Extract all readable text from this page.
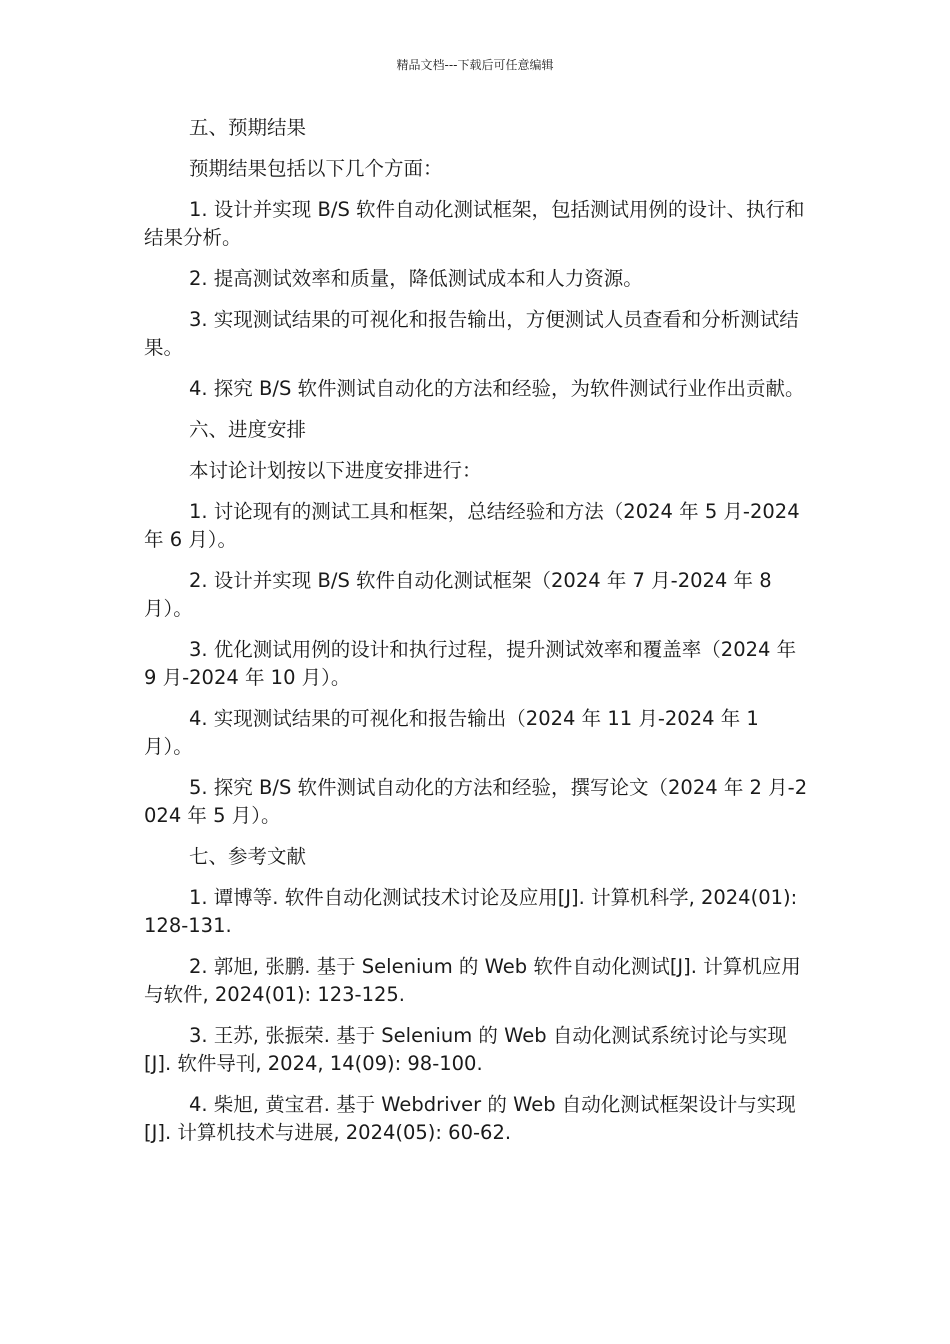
精品文档---下载后可任意编辑

五、预期结果

预期结果包括以下几个方面：

1. 设计并实现 B/S 软件自动化测试框架，包括测试用例的设计、执行和结果分析。

2. 提高测试效率和质量，降低测试成本和人力资源。

3. 实现测试结果的可视化和报告输出，方便测试人员查看和分析测试结果。

4. 探究 B/S 软件测试自动化的方法和经验，为软件测试行业作出贡献。

六、进度安排

本讨论计划按以下进度安排进行：

1. 讨论现有的测试工具和框架，总结经验和方法（2024 年 5 月-2024 年 6 月）。

2. 设计并实现 B/S 软件自动化测试框架（2024 年 7 月-2024 年 8 月）。

3. 优化测试用例的设计和执行过程，提升测试效率和覆盖率（2024 年 9 月-2024 年 10 月）。

4. 实现测试结果的可视化和报告输出（2024 年 11 月-2024 年 1 月）。

5. 探究 B/S 软件测试自动化的方法和经验，撰写论文（2024 年 2 月-2024 年 5 月）。

七、参考文献

1. 谭博等. 软件自动化测试技术讨论及应用[J]. 计算机科学, 2024(01): 128-131.

2. 郭旭, 张鹏. 基于 Selenium 的 Web 软件自动化测试[J]. 计算机应用与软件, 2024(01): 123-125.

3. 王苏, 张振荣. 基于 Selenium 的 Web 自动化测试系统讨论与实现[J]. 软件导刊, 2024, 14(09): 98-100.

4. 柴旭, 黄宝君. 基于 Webdriver 的 Web 自动化测试框架设计与实现[J]. 计算机技术与进展, 2024(05): 60-62.
